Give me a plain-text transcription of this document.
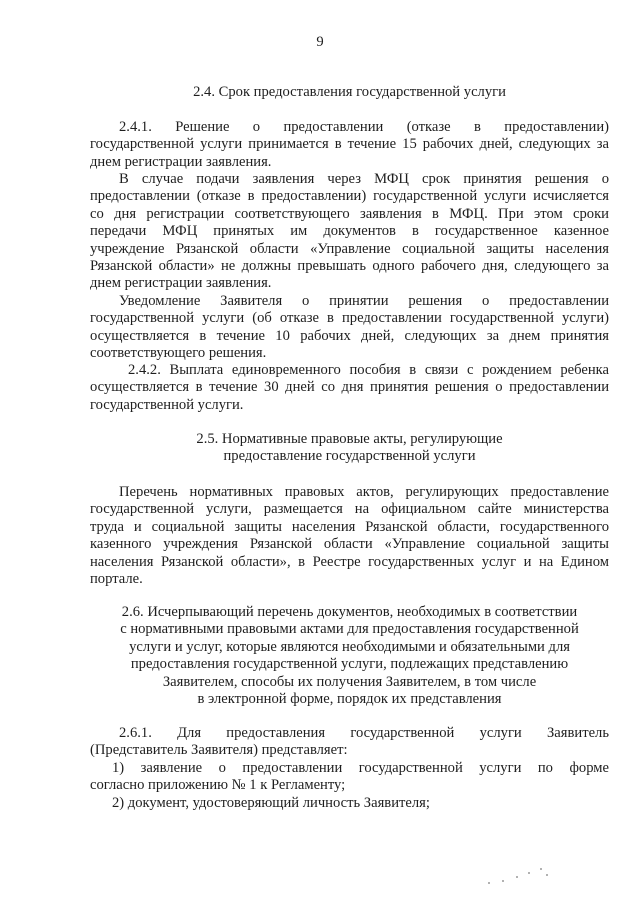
9
2.4. Срок предоставления государственной услуги
2.4.1. Решение о предоставлении (отказе в предоставлении)
государственной услуги принимается в течение 15 рабочих дней, следующих за
днем регистрации заявления.
В случае подачи заявления через МФЦ срок принятия решения о
предоставлении (отказе в предоставлении) государственной услуги исчисляется
со дня регистрации соответствующего заявления в МФЦ. При этом сроки
передачи МФЦ принятых им документов в государственное казенное
учреждение Рязанской области «Управление социальной защиты населения
Рязанской области» не должны превышать одного рабочего дня, следующего за
днем регистрации заявления.
Уведомление Заявителя о принятии решения о предоставлении
государственной услуги (об отказе в предоставлении государственной услуги)
осуществляется в течение 10 рабочих дней, следующих за днем принятия
соответствующего решения.
2.4.2. Выплата единовременного пособия в связи с рождением ребенка
осуществляется в течение 30 дней со дня принятия решения о предоставлении
государственной услуги.
2.5. Нормативные правовые акты, регулирующие
предоставление государственной услуги
Перечень нормативных правовых актов, регулирующих предоставление
государственной услуги, размещается на официальном сайте министерства
труда и социальной защиты населения Рязанской области, государственного
казенного учреждения Рязанской области «Управление социальной защиты
населения Рязанской области», в Реестре государственных услуг и на Едином
портале.
2.6. Исчерпывающий перечень документов, необходимых в соответствии
с нормативными правовыми актами для предоставления государственной
услуги и услуг, которые являются необходимыми и обязательными для
предоставления государственной услуги, подлежащих представлению
Заявителем, способы их получения Заявителем, в том числе
в электронной форме, порядок их представления
2.6.1. Для предоставления государственной услуги Заявитель
(Представитель Заявителя) представляет:
1) заявление о предоставлении государственной услуги по форме
согласно приложению № 1 к Регламенту;
2) документ, удостоверяющий личность Заявителя;
